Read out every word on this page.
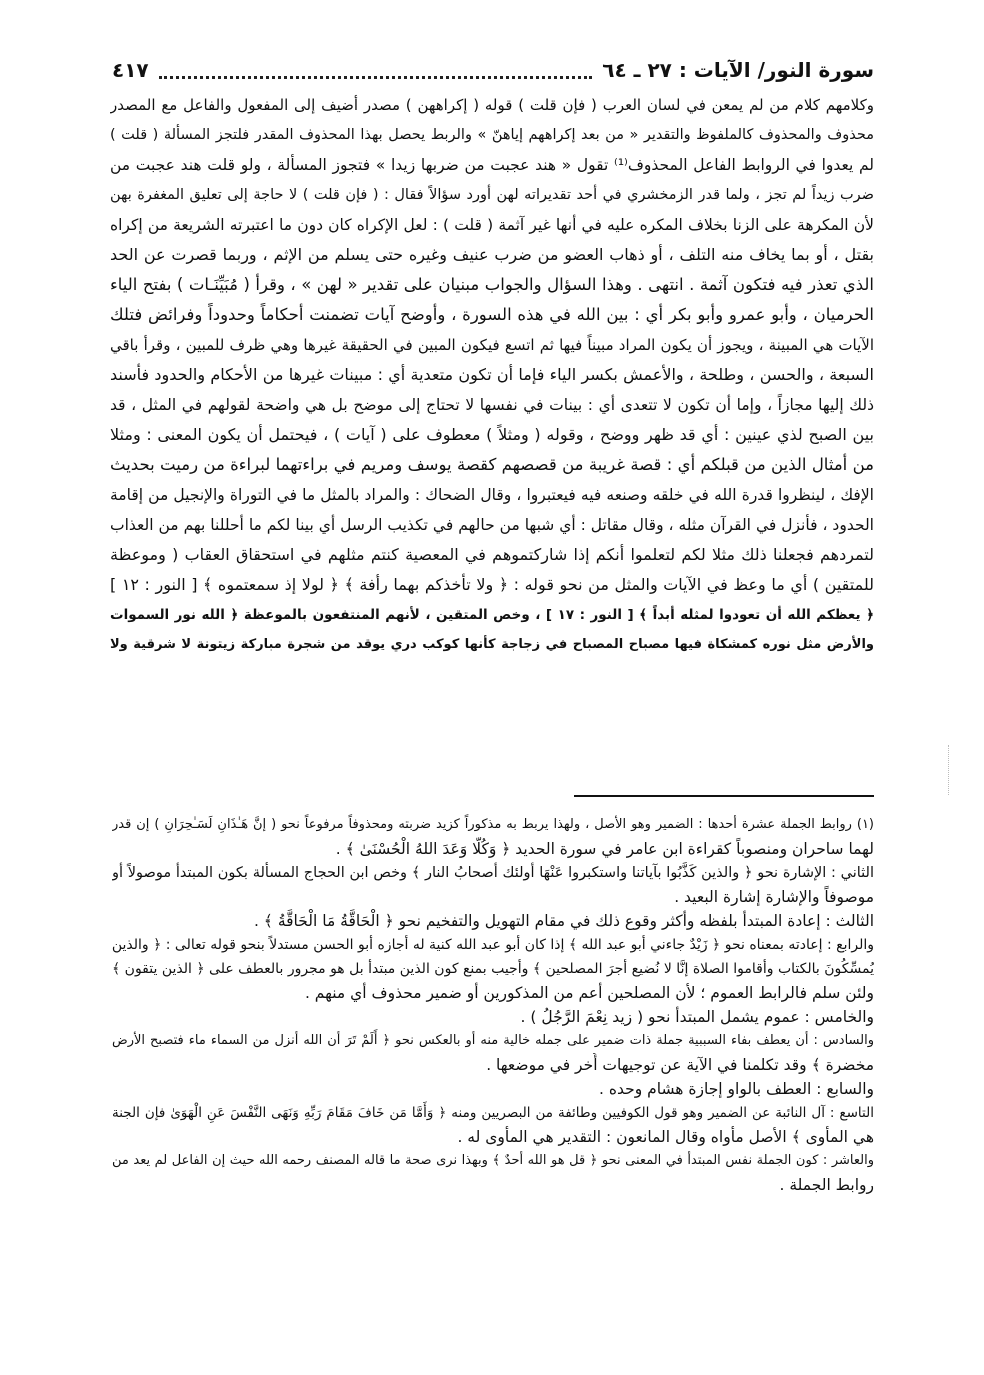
سورة النور/ الآيات : ٢٧ ـ ٦٤
٤١٧
وكلامهم كلام من لم يمعن في لسان العرب ( فإن قلت ) قوله ( إكراههن ) مصدر أضيف إلى المفعول والفاعل مع المصدر
محذوف والمحذوف كالملفوظ والتقدير « من بعد إكراههم إياهنّ » والربط يحصل بهذا المحذوف المقدر فلتجز المسألة ( قلت )
لم يعدوا في الروابط الفاعل المحذوف⁽¹⁾ تقول « هند عجبت من ضربها زيدا » فتجوز المسألة ، ولو قلت هند عجبت من
ضرب زيداً لم تجز ، ولما قدر الزمخشري في أحد تقديراته لهن أورد سؤالاً فقال : ( فإن قلت ) لا حاجة إلى تعليق المغفرة بهن
لأن المكرهة على الزنا بخلاف المكره عليه في أنها غير آثمة ( قلت ) : لعل الإكراه كان دون ما اعتبرته الشريعة من إكراه
بقتل ، أو بما يخاف منه التلف ، أو ذهاب العضو من ضرب عنيف وغيره حتى يسلم من الإثم ، وربما قصرت عن الحد
الذي تعذر فيه فتكون آثمة . انتهى . وهذا السؤال والجواب مبنيان على تقدير « لهن » ، وقرأ ( مُبَيِّنَـات ) بفتح الياء
الحرميان ، وأبو عمرو وأبو بكر أي : بين الله في هذه السورة ، وأوضح آيات تضمنت أحكاماً وحدوداً وفرائض فتلك
الآيات هي المبينة ، ويجوز أن يكون المراد مبيناً فيها ثم اتسع فيكون المبين في الحقيقة غيرها وهي ظرف للمبين ، وقرأ باقي
السبعة ، والحسن ، وطلحة ، والأعمش بكسر الياء فإما أن تكون متعدية أي : مبينات غيرها من الأحكام والحدود فأسند
ذلك إليها مجازاً ، وإما أن تكون لا تتعدى أي : بينات في نفسها لا تحتاج إلى موضح بل هي واضحة لقولهم في المثل ، قد
بين الصبح لذي عينين : أي قد ظهر ووضح ، وقوله ( ومثلاً ) معطوف على ( آيات ) ، فيحتمل أن يكون المعنى : ومثلا
من أمثال الذين من قبلكم أي : قصة غريبة من قصصهم كقصة يوسف ومريم في براءتهما لبراءة من رميت بحديث
الإفك ، لينظروا قدرة الله في خلقه وصنعه فيه فيعتبروا ، وقال الضحاك : والمراد بالمثل ما في التوراة والإنجيل من إقامة
الحدود ، فأنزل في القرآن مثله ، وقال مقاتل : أي شبها من حالهم في تكذيب الرسل أي بينا لكم ما أحللنا بهم من العذاب
لتمردهم فجعلنا ذلك مثلا لكم لتعلموا أنكم إذا شاركتموهم في المعصية كنتم مثلهم في استحقاق العقاب ( وموعظة
للمتقين ) أي ما وعظ في الآيات والمثل من نحو قوله : ﴿ ولا تأخذكم بهما رأفة ﴾ ﴿ لولا إذ سمعتموه ﴾ [ النور : ١٢ ]
﴿ يعظكم الله أن تعودوا لمثله أبداً ﴾ [ النور : ١٧ ] ، وخص المتقين ، لأنهم المنتفعون بالموعظة ﴿ الله نور السموات
والأرض مثل نوره كمشكاة فيها مصباح المصباح في زجاجة كأنها كوكب دري يوقد من شجرة مباركة زيتونة لا شرقية ولا
(١) روابط الجملة عشرة أحدها : الضمير وهو الأصل ، ولهذا يربط به مذكوراً كزيد ضربته ومحذوفاً مرفوعاً نحو ( إنَّ هَـٰذَانِ لَسَـٰحِرَانِ ) إن قدر
لهما ساحران ومنصوباً كقراءة ابن عامر في سورة الحديد ﴿ وَكُلًّا وَعَدَ اللهُ الْحُسْنَىٰ ﴾ .
الثاني : الإشارة نحو ﴿ والذين كَذَّبُوا بآياتنا واستكبروا عَنْهَا أولئك أصحابُ النار ﴾ وخص ابن الحجاج المسألة بكون المبتدأ موصولاً أو
موصوفاً والإشارة إشارة البعيد .
الثالث : إعادة المبتدأ بلفظه وأكثر وقوع ذلك في مقام التهويل والتفخيم نحو ﴿ الْحَاقَّةُ مَا الْحَاقَّةُ ﴾ .
والرابع : إعادته بمعناه نحو ﴿ زَيْدٌ جاءني أبو عبد الله ﴾ إذا كان أبو عبد الله كنية له أجازه أبو الحسن مستدلاً بنحو قوله تعالى : ﴿ والذين
يُمسِّكُونَ بالكتاب وأقاموا الصلاة إنَّا لا نُضيع أجرَ المصلحين ﴾ وأجيب بمنع كون الذين مبتدأ بل هو مجرور بالعطف على ﴿ الذين يتقون ﴾
ولئن سلم فالرابط العموم ؛ لأن المصلحين أعم من المذكورين أو ضمير محذوف أي منهم .
والخامس : عموم يشمل المبتدأ نحو ( زيد نِعْمَ الرَّجُلُ ) .
والسادس : أن يعطف بفاء السببية جملة ذات ضمير على جمله خالية منه أو بالعكس نحو ﴿ أَلَمْ تَرَ أن الله أنزل من السماء ماء فتصبح الأرض
مخضرة ﴾ وقد تكلمنا في الآية عن توجيهات أُخر في موضعها .
والسابع : العطف بالواو إجازة هشام وحده .
التاسع : آل النائبة عن الضمير وهو قول الكوفيين وطائفة من البصريين ومنه ﴿ وَأَمَّا مَن خَافَ مَقَامَ رَبِّهِ وَنَهَى النَّفْسَ عَنِ الْهَوَىٰ فإن الجنة
هي المأوى ﴾ الأصل مأواه وقال المانعون : التقدير هي المأوى له .
والعاشر : كون الجملة نفس المبتدأ في المعنى نحو ﴿ قل هو الله أحدٌ ﴾ وبهذا نرى صحة ما قاله المصنف رحمه الله حيث إن الفاعل لم يعد من
روابط الجملة .
